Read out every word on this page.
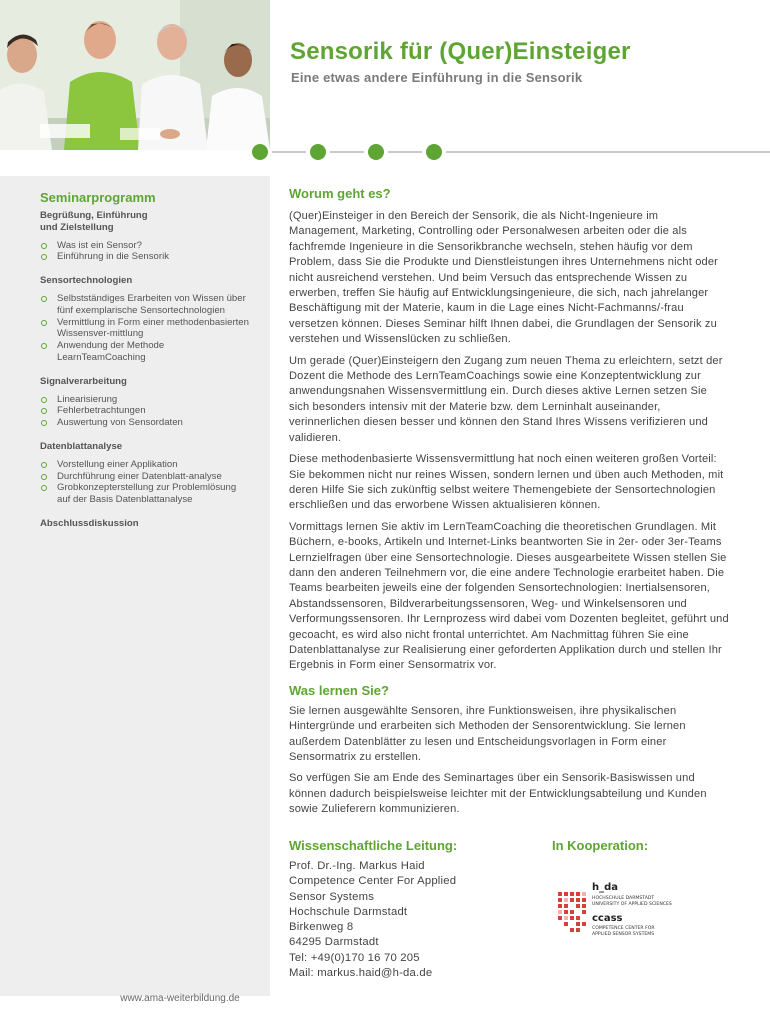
Sensorik für (Quer)Einsteiger
Eine etwas andere Einführung in die Sensorik
Seminarprogramm
Begrüßung, Einführung
und Zielstellung
Was ist ein Sensor?
Einführung in die Sensorik
Sensortechnologien
Selbstständiges Erarbeiten von Wissen über fünf exemplarische Sensortechnologien
Vermittlung in Form einer methodenbasierten Wissensver-mittlung
Anwendung der Methode LearnTeamCoaching
Signalverarbeitung
Linearisierung
Fehlerbetrachtungen
Auswertung von Sensordaten
Datenblattanalyse
Vorstellung einer Applikation
Durchführung einer Datenblatt-analyse
Grobkonzepterstellung zur Problemlösung auf der Basis Datenblattanalyse
Abschlussdiskussion
Worum geht es?

(Quer)Einsteiger in den Bereich der Sensorik, die als Nicht-Ingenieure im Management, Marketing, Controlling oder Personalwesen arbeiten oder die als fachfremde Ingenieure in die Sensorikbranche wechseln, stehen häufig vor dem Problem, dass Sie die Produkte und Dienstleistungen ihres Unternehmens nicht oder nicht ausreichend verstehen. Und beim Versuch das entsprechende Wissen zu erwerben, treffen Sie häufig auf Entwicklungsingenieure, die sich, nach jahrelanger Beschäftigung mit der Materie, kaum in die Lage eines Nicht-Fachmanns/-frau versetzen können. Dieses Seminar hilft Ihnen dabei, die Grundlagen der Sensorik zu verstehen und Wissenslücken zu schließen.

Um gerade (Quer)Einsteigern den Zugang zum neuen Thema zu erleichtern, setzt der Dozent die Methode des LernTeamCoachings sowie eine Konzeptentwicklung zur anwendungsnahen Wissensvermittlung ein. Durch dieses aktive Lernen setzen Sie sich besonders intensiv mit der Materie bzw. dem Lerninhalt auseinander, verinnerlichen diesen besser und können den Stand Ihres Wissens verifizieren und validieren.

Diese methodenbasierte Wissensvermittlung hat noch einen weiteren großen Vorteil: Sie bekommen nicht nur reines Wissen, sondern lernen und üben auch Methoden, mit deren Hilfe Sie sich zukünftig selbst weitere Themengebiete der Sensortechnologien erschließen und das erworbene Wissen aktualisieren können.

Vormittags lernen Sie aktiv im LernTeamCoaching die theoretischen Grundlagen. Mit Büchern, e-books, Artikeln und Internet-Links beantworten Sie in 2er- oder 3er-Teams Lernzielfragen über eine Sensortechnologie. Dieses ausgearbeitete Wissen stellen Sie dann den anderen Teilnehmern vor, die eine andere Technologie erarbeitet haben. Die Teams bearbeiten jeweils eine der folgenden Sensortechnologien: Inertialsensoren, Abstandssensoren, Bildverarbeitungssensoren, Weg- und Winkelsensoren und Verformungssensoren. Ihr Lernprozess wird dabei vom Dozenten begleitet, geführt und gecoacht, es wird also nicht frontal unterrichtet. Am Nachmittag führen Sie eine Datenblattanalyse zur Realisierung einer geforderten Applikation durch und stellen Ihr Ergebnis in Form einer Sensormatrix vor.

Was lernen Sie?

Sie lernen ausgewählte Sensoren, ihre Funktionsweisen, ihre physikalischen Hintergründe und erarbeiten sich Methoden der Sensorentwicklung. Sie lernen außerdem Datenblätter zu lesen und Entscheidungsvorlagen in Form einer Sensormatrix zu erstellen.

So verfügen Sie am Ende des Seminartages über ein Sensorik-Basiswissen und können dadurch beispielsweise leichter mit der Entwicklungsabteilung und Kunden sowie Zulieferern kommunizieren.

Wissenschaftliche Leitung:
Prof. Dr.-Ing. Markus Haid
Competence Center For Applied
Sensor Systems
Hochschule Darmstadt
Birkenweg 8
64295 Darmstadt
Tel: +49(0)170 16 70 205
Mail: markus.haid@h-da.de
In Kooperation:
h_da
HOCHSCHULE DARMSTADT
UNIVERSITY OF APPLIED SCIENCES
ccass
COMPETENCE CENTER FOR
APPLIED SENSOR SYSTEMS
www.ama-weiterbildung.de
